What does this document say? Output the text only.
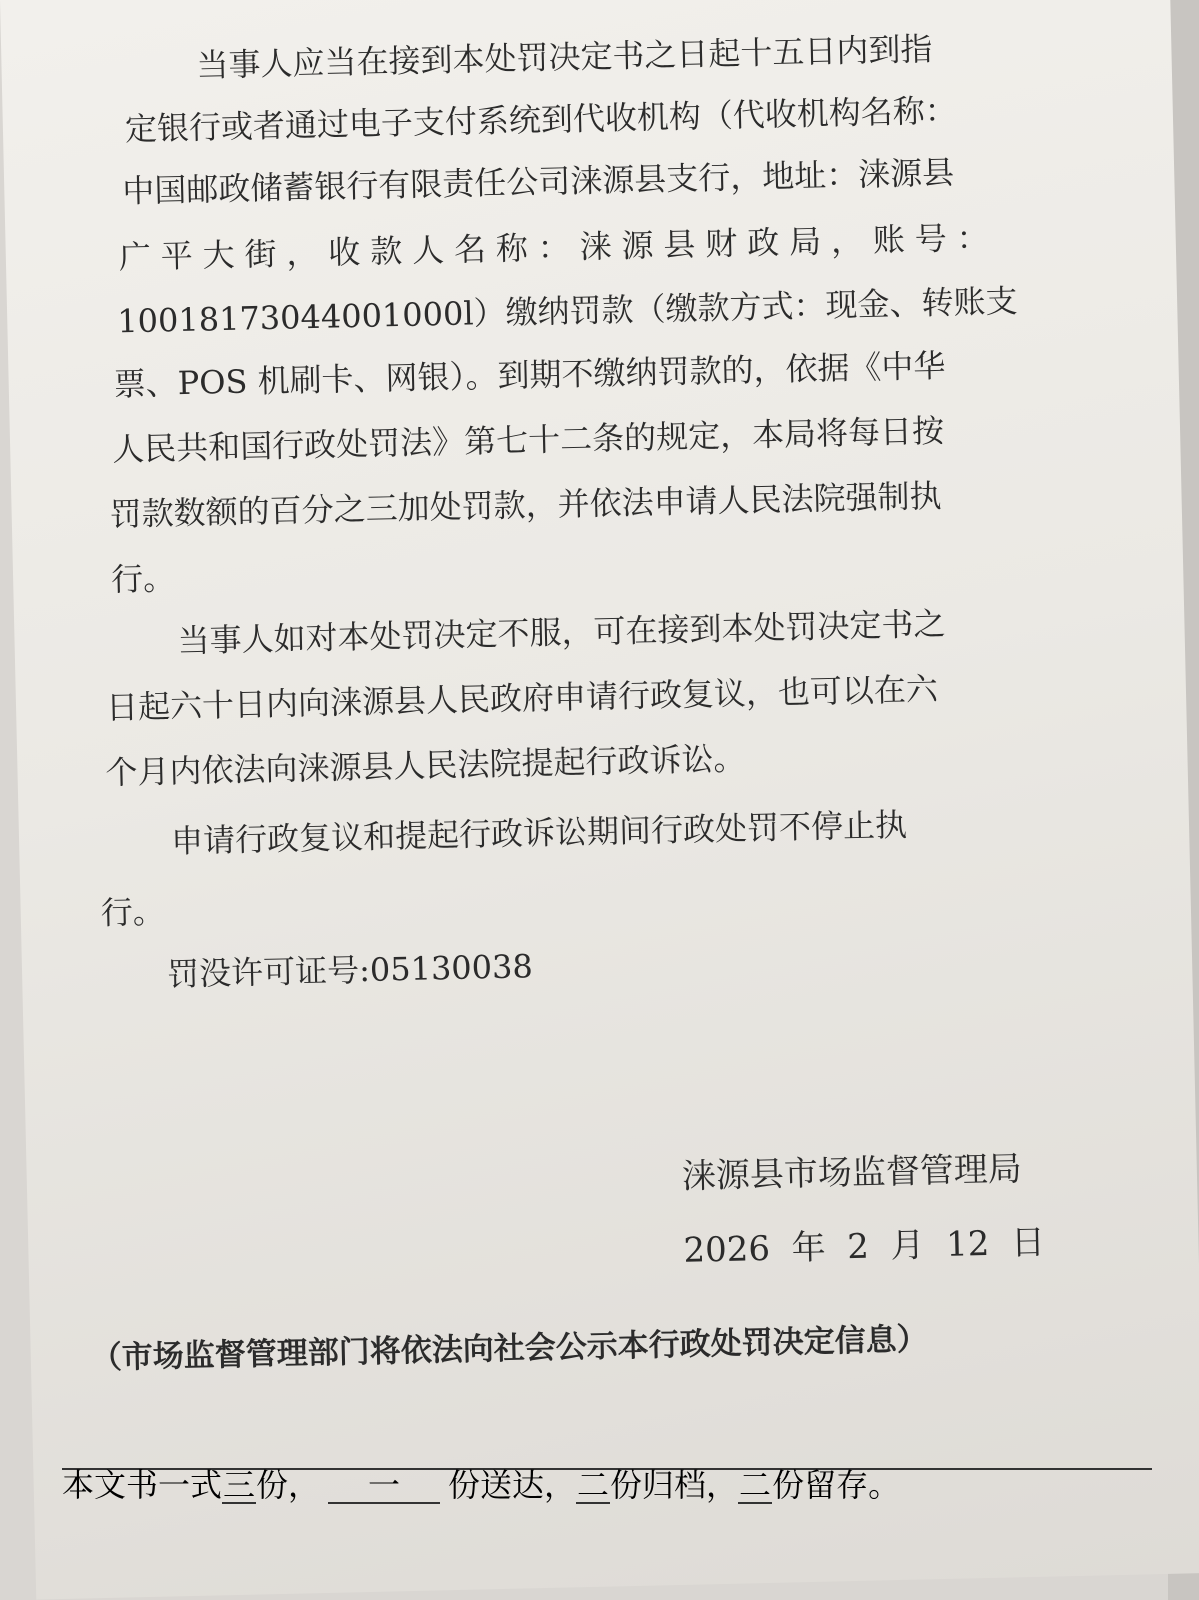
当事人应当在接到本处罚决定书之日起十五日内到指
定银行或者通过电子支付系统到代收机构（代收机构名称：
中国邮政储蓄银行有限责任公司涞源县支行，地址：涞源县
广平大街，收款人名称：涞源县财政局，账号：
10018173044001000l）缴纳罚款（缴款方式：现金、转账支
票、POS 机刷卡、网银）。到期不缴纳罚款的，依据《中华
人民共和国行政处罚法》第七十二条的规定，本局将每日按
罚款数额的百分之三加处罚款，并依法申请人民法院强制执
行。
当事人如对本处罚决定不服，可在接到本处罚决定书之
日起六十日内向涞源县人民政府申请行政复议，也可以在六
个月内依法向涞源县人民法院提起行政诉讼。
申请行政复议和提起行政诉讼期间行政处罚不停止执
行。
罚没许可证号:05130038
涞源县市场监督管理局
2026  年  2  月  12  日
（市场监督管理部门将依法向社会公示本行政处罚决定信息）
本文书一式三份， 一 份送达，二份归档，二份留存。
